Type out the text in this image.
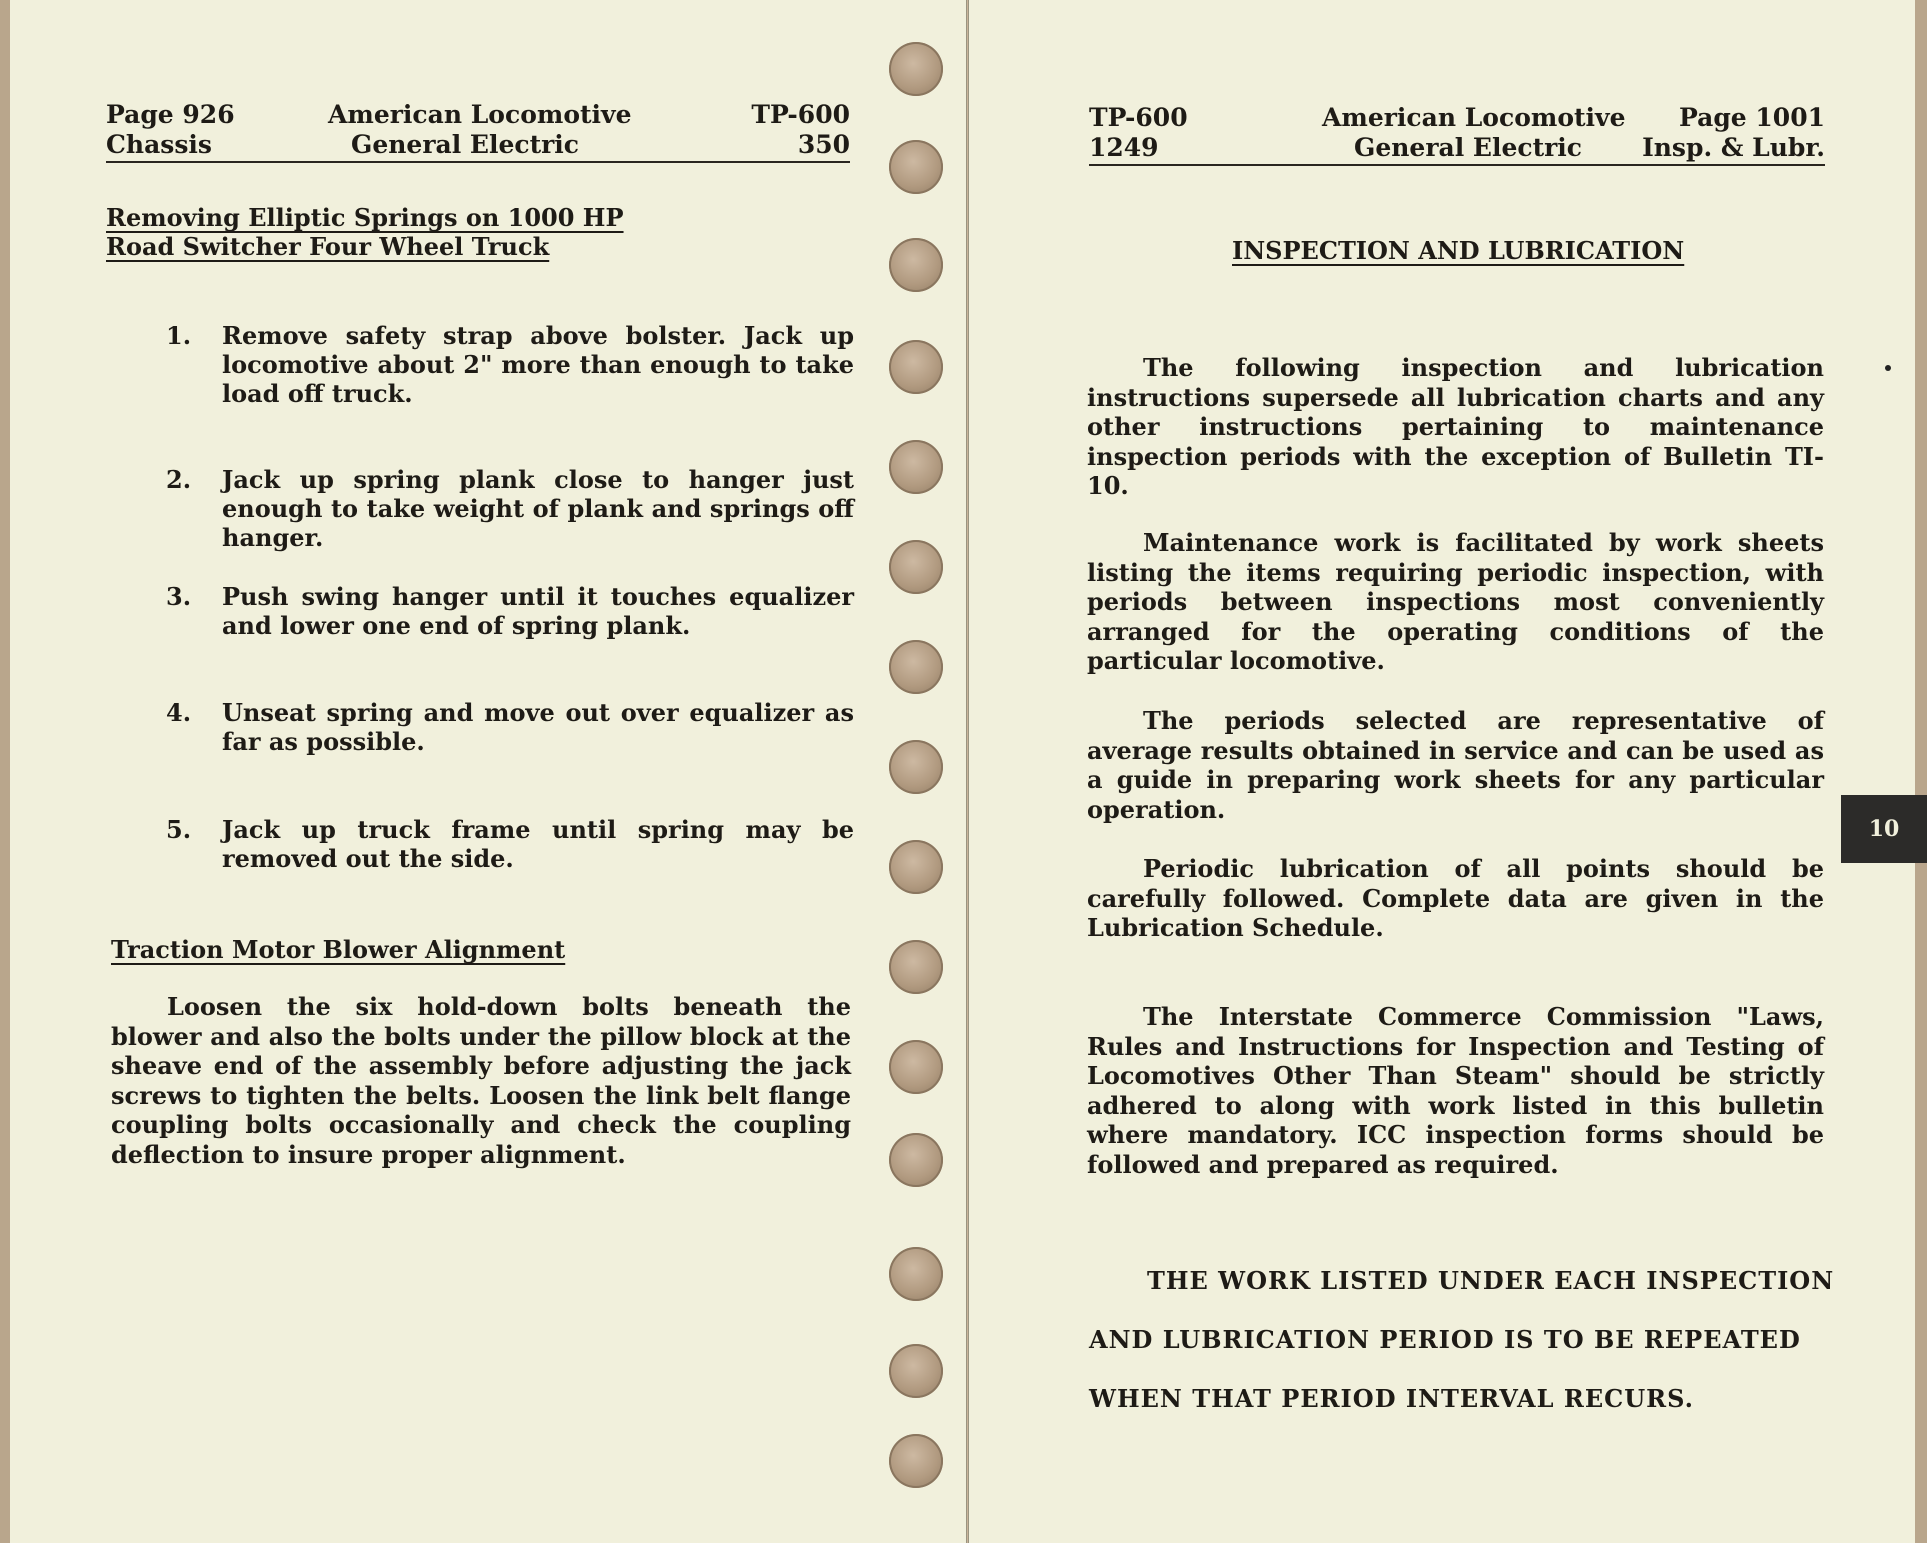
Page 926
Chassis
American Locomotive
General Electric
TP-600
350
Removing Elliptic Springs on 1000 HP
Road Switcher Four Wheel Truck
1. Remove safety strap above bolster. Jack up locomotive about 2" more than enough to take load off truck.
2. Jack up spring plank close to hanger just enough to take weight of plank and springs off hanger.
3. Push swing hanger until it touches equalizer and lower one end of spring plank.
4. Unseat spring and move out over equalizer as far as possible.
5. Jack up truck frame until spring may be removed out the side.
Traction Motor Blower Alignment
Loosen the six hold-down bolts beneath the blower and also the bolts under the pillow block at the sheave end of the assembly before adjusting the jack screws to tighten the belts. Loosen the link belt flange coupling bolts occasionally and check the coupling deflection to insure proper alignment.
TP-600
1249
American Locomotive
General Electric
Page 1001
Insp. & Lubr.
INSPECTION AND LUBRICATION
The following inspection and lubrication instructions supersede all lubrication charts and any other instructions pertaining to maintenance inspection periods with the exception of Bulletin TI-10.
Maintenance work is facilitated by work sheets listing the items requiring periodic inspection, with periods between inspections most conveniently arranged for the operating conditions of the particular locomotive.
The periods selected are representative of average results obtained in service and can be used as a guide in preparing work sheets for any particular operation.
Periodic lubrication of all points should be carefully followed. Complete data are given in the Lubrication Schedule.
The Interstate Commerce Commission "Laws, Rules and Instructions for Inspection and Testing of Locomotives Other Than Steam" should be strictly adhered to along with work listed in this bulletin where mandatory. ICC inspection forms should be followed and prepared as required.
THE WORK LISTED UNDER EACH INSPECTION
AND LUBRICATION PERIOD IS TO BE REPEATED
WHEN THAT PERIOD INTERVAL RECURS.
10
